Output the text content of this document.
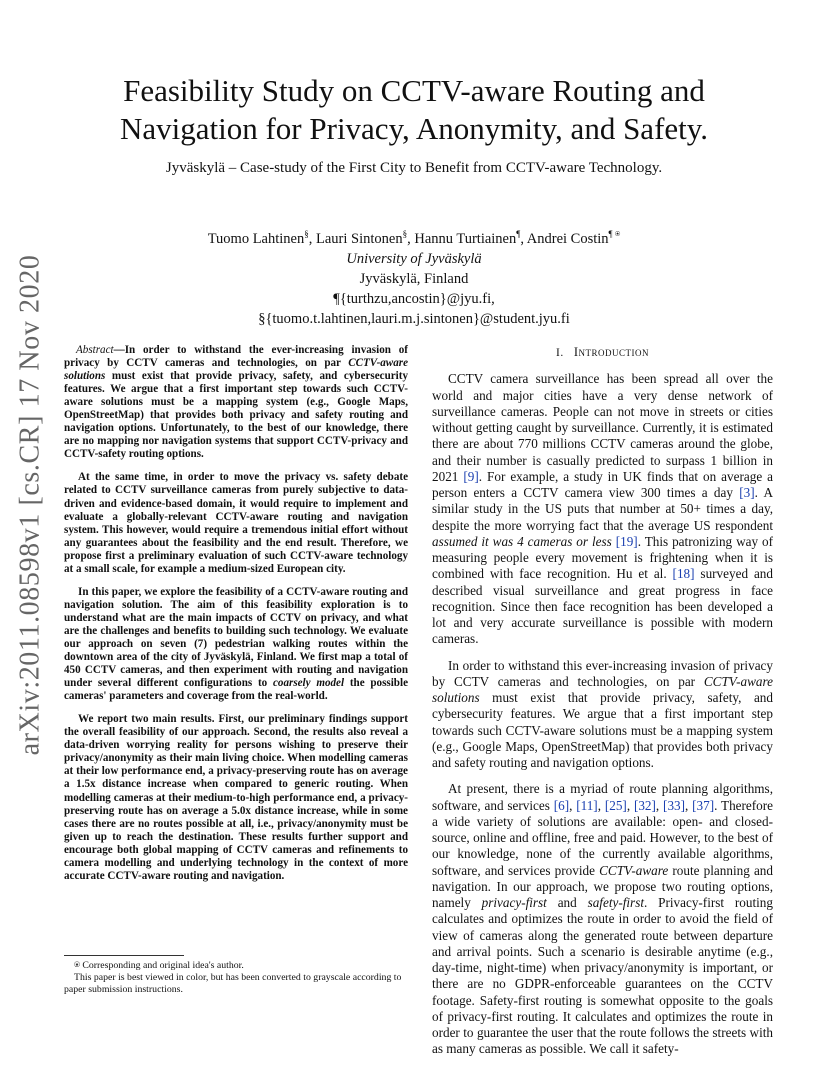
Feasibility Study on CCTV-aware Routing and Navigation for Privacy, Anonymity, and Safety.
Jyväskylä – Case-study of the First City to Benefit from CCTV-aware Technology.
Tuomo Lahtinen§, Lauri Sintonen§, Hannu Turtiainen¶, Andrei Costin¶ ⍟
University of Jyväskylä
Jyväskylä, Finland
¶{turthzu,ancostin}@jyu.fi,
§{tuomo.t.lahtinen,lauri.m.j.sintonen}@student.jyu.fi
arXiv:2011.08598v1 [cs.CR] 17 Nov 2020	Abstract—In order to withstand the ever-increasing invasion of privacy by CCTV cameras and technologies, on par CCTV-aware solutions must exist that provide privacy, safety, and cybersecurity features. We argue that a first important step towards such CCTV-aware solutions must be a mapping system (e.g., Google Maps, OpenStreetMap) that provides both privacy and safety routing and navigation options. Unfortunately, to the best of our knowledge, there are no mapping nor navigation systems that support CCTV-privacy and CCTV-safety routing options.

At the same time, in order to move the privacy vs. safety debate related to CCTV surveillance cameras from purely subjective to data-driven and evidence-based domain, it would require to implement and evaluate a globally-relevant CCTV-aware routing and navigation system. This however, would require a tremendous initial effort without any guarantees about the feasibility and the end result. Therefore, we propose first a preliminary evaluation of such CCTV-aware technology at a small scale, for example a medium-sized European city.

In this paper, we explore the feasibility of a CCTV-aware routing and navigation solution. The aim of this feasibility exploration is to understand what are the main impacts of CCTV on privacy, and what are the challenges and benefits to building such technology. We evaluate our approach on seven (7) pedestrian walking routes within the downtown area of the city of Jyväskylä, Finland. We first map a total of 450 CCTV cameras, and then experiment with routing and navigation under several different configurations to coarsely model the possible cameras' parameters and coverage from the real-world.

We report two main results. First, our preliminary findings support the overall feasibility of our approach. Second, the results also reveal a data-driven worrying reality for persons wishing to preserve their privacy/anonymity as their main living choice. When modelling cameras at their low performance end, a privacy-preserving route has on average a 1.5x distance increase when compared to generic routing. When modelling cameras at their medium-to-high performance end, a privacy-preserving route has on average a 5.0x distance increase, while in some cases there are no routes possible at all, i.e., privacy/anonymity must be given up to reach the destination. These results further support and encourage both global mapping of CCTV cameras and refinements to camera modelling and underlying technology in the context of more accurate CCTV-aware routing and navigation.

⍟ Corresponding and original idea's author.
This paper is best viewed in color, but has been converted to grayscale according to paper submission instructions.

I. Introduction

CCTV camera surveillance has been spread all over the world and major cities have a very dense network of surveillance cameras. People can not move in streets or cities without getting caught by surveillance. Currently, it is estimated there are about 770 millions CCTV cameras around the globe, and their number is casually predicted to surpass 1 billion in 2021 [9]. For example, a study in UK finds that on average a person enters a CCTV camera view 300 times a day [3]. A similar study in the US puts that number at 50+ times a day, despite the more worrying fact that the average US respondent assumed it was 4 cameras or less [19]. This patronizing way of measuring people every movement is frightening when it is combined with face recognition. Hu et al. [18] surveyed and described visual surveillance and great progress in face recognition. Since then face recognition has been developed a lot and very accurate surveillance is possible with modern cameras.

In order to withstand this ever-increasing invasion of privacy by CCTV cameras and technologies, on par CCTV-aware solutions must exist that provide privacy, safety, and cybersecurity features. We argue that a first important step towards such CCTV-aware solutions must be a mapping system (e.g., Google Maps, OpenStreetMap) that provides both privacy and safety routing and navigation options.

At present, there is a myriad of route planning algorithms, software, and services [6], [11], [25], [32], [33], [37]. Therefore a wide variety of solutions are available: open- and closed-source, online and offline, free and paid. However, to the best of our knowledge, none of the currently available algorithms, software, and services provide CCTV-aware route planning and navigation. In our approach, we propose two routing options, namely privacy-first and safety-first. Privacy-first routing calculates and optimizes the route in order to avoid the field of view of cameras along the generated route between departure and arrival points. Such a scenario is desirable anytime (e.g., day-time, night-time) when privacy/anonymity is important, or there are no GDPR-enforceable guarantees on the CCTV footage. Safety-first routing is somewhat opposite to the goals of privacy-first routing. It calculates and optimizes the route in order to guarantee the user that the route follows the streets with as many cameras as possible. We call it safety-
